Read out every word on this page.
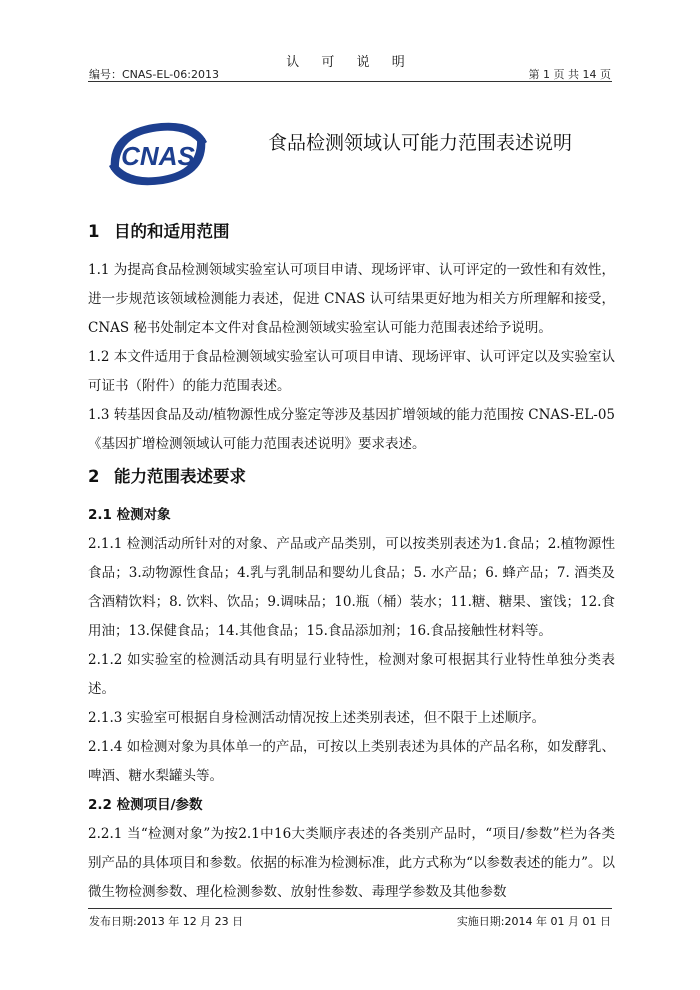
认 可 说 明
编号：CNAS-EL-06:2013	第 1 页 共 14 页
CNAS	食品检测领域认可能力范围表述说明
1 目的和适用范围

1.1 为提高食品检测领域实验室认可项目申请、现场评审、认可评定的一致性和有效性，进一步规范该领域检测能力表述，促进 CNAS 认可结果更好地为相关方所理解和接受，CNAS 秘书处制定本文件对食品检测领域实验室认可能力范围表述给予说明。

1.2 本文件适用于食品检测领域实验室认可项目申请、现场评审、认可评定以及实验室认可证书（附件）的能力范围表述。

1.3 转基因食品及动/植物源性成分鉴定等涉及基因扩增领域的能力范围按 CNAS-EL-05《基因扩增检测领域认可能力范围表述说明》要求表述。

2 能力范围表述要求
2.1 检测对象

2.1.1 检测活动所针对的对象、产品或产品类别，可以按类别表述为1.食品；2.植物源性食品；3.动物源性食品；4.乳与乳制品和婴幼儿食品；5. 水产品；6. 蜂产品；7. 酒类及含酒精饮料；8. 饮料、饮品；9.调味品；10.瓶（桶）装水；11.糖、糖果、蜜饯；12.食用油；13.保健食品；14.其他食品；15.食品添加剂；16.食品接触性材料等。

2.1.2 如实验室的检测活动具有明显行业特性，检测对象可根据其行业特性单独分类表述。

2.1.3 实验室可根据自身检测活动情况按上述类别表述，但不限于上述顺序。

2.1.4 如检测对象为具体单一的产品，可按以上类别表述为具体的产品名称，如发酵乳、啤酒、糖水梨罐头等。

2.2 检测项目/参数

2.2.1 当“检测对象”为按2.1中16大类顺序表述的各类别产品时，“项目/参数”栏为各类别产品的具体项目和参数。依据的标准为检测标准，此方式称为“以参数表述的能力”。以微生物检测参数、理化检测参数、放射性参数、毒理学参数及其他参数

发布日期:2013 年 12 月 23 日	实施日期:2014 年 01 月 01 日
